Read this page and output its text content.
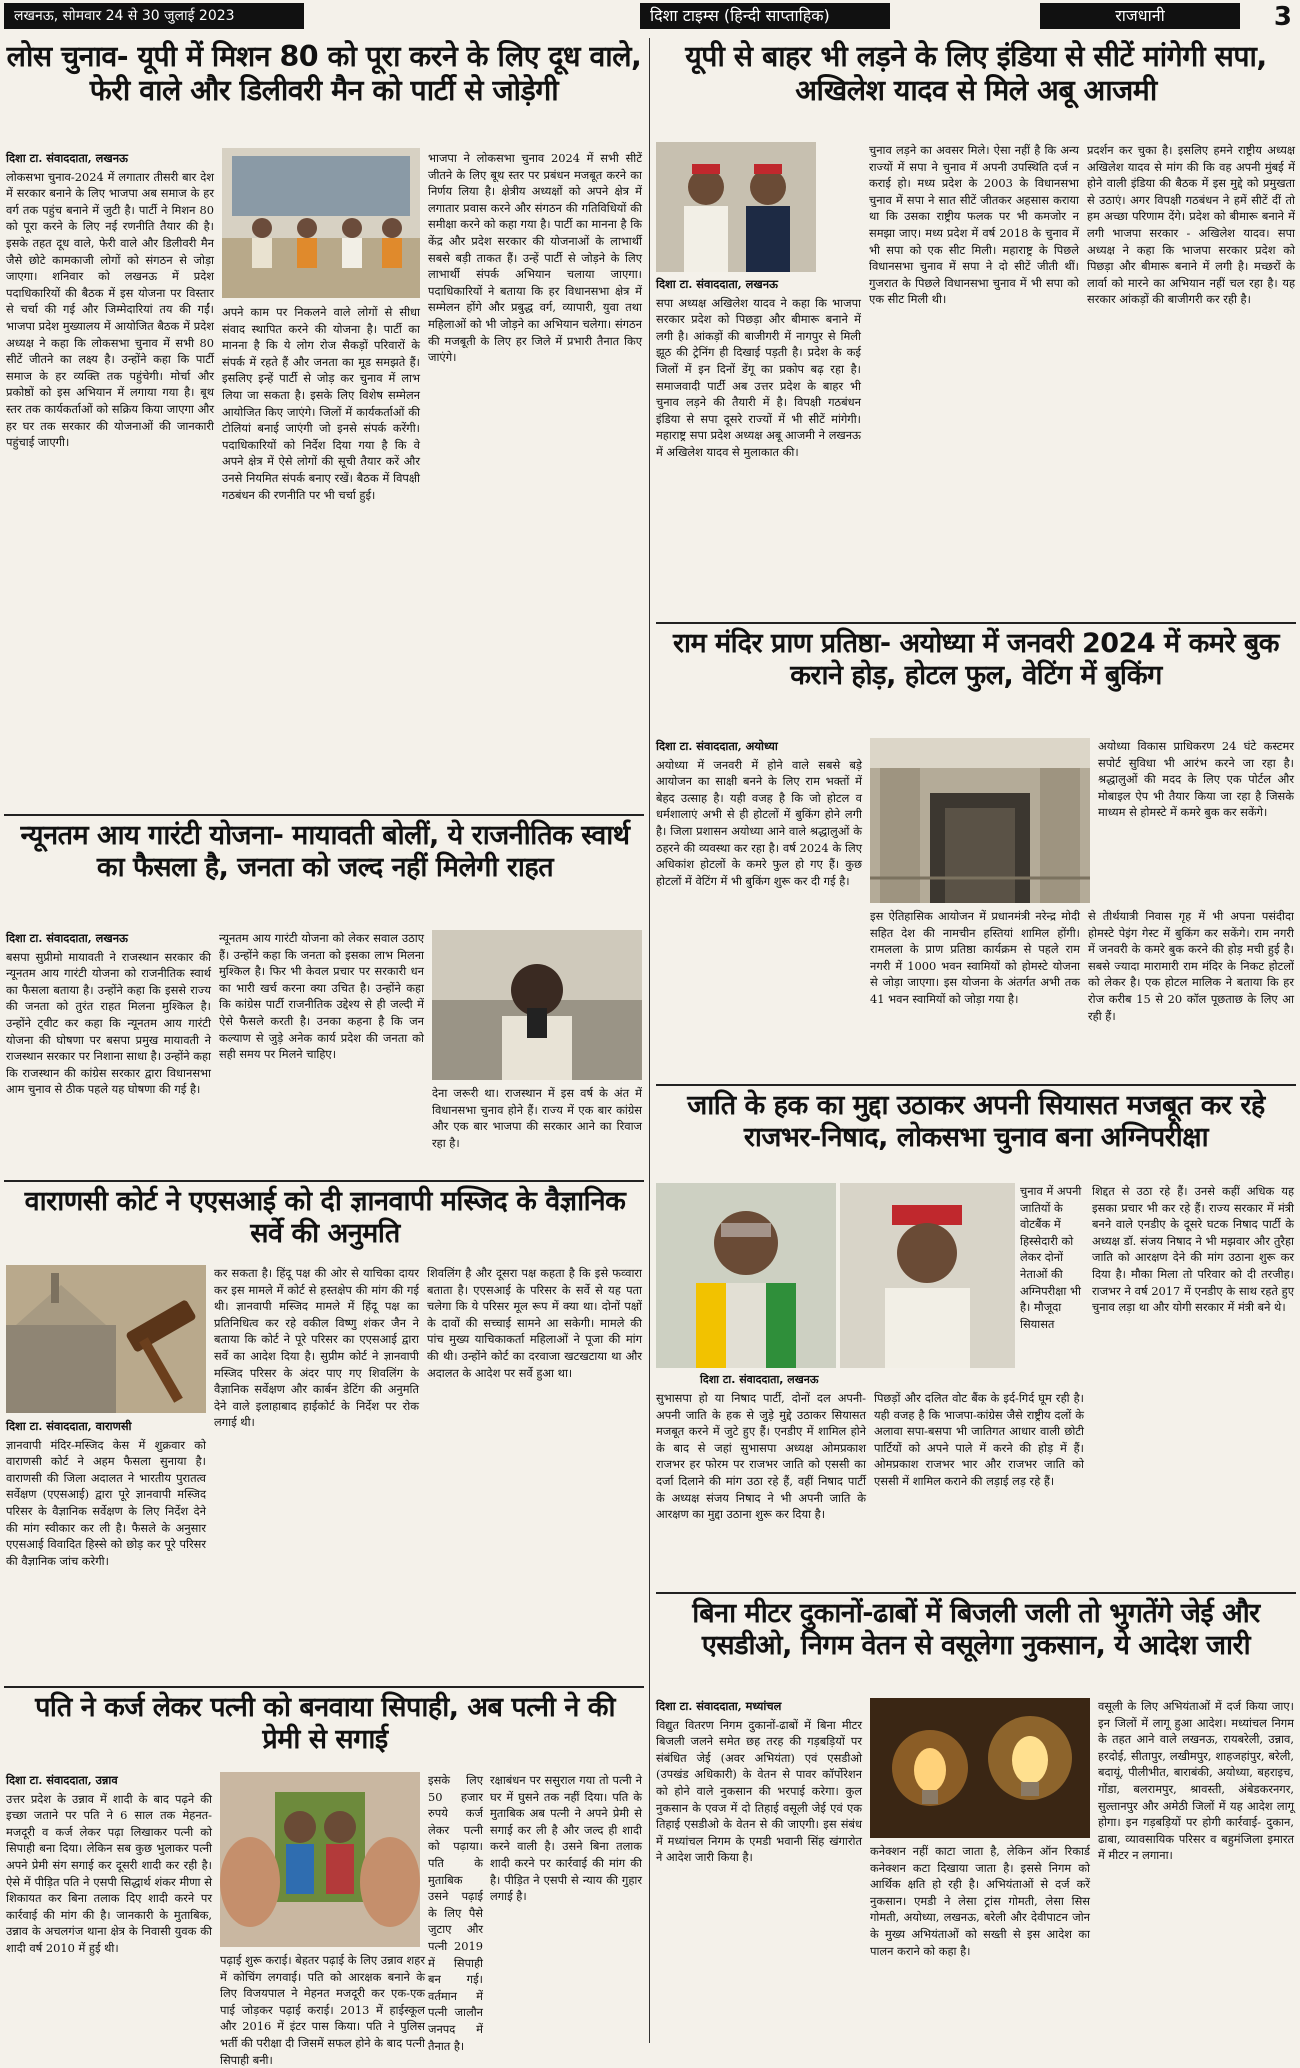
लखनऊ, सोमवार 24 से 30 जुलाई 2023	दिशा टाइम्स (हिन्दी साप्ताहिक)	राजधानी	3
लोस चुनाव- यूपी में मिशन 80 को पूरा करने के लिए दूध वाले, फेरी वाले और डिलीवरी मैन को पार्टी से जोड़ेगी

दिशा टा. संवाददाता, लखनऊ

लोकसभा चुनाव-2024 में लगातार तीसरी बार देश में सरकार बनाने के लिए भाजपा अब समाज के हर वर्ग तक पहुंच बनाने में जुटी है। पार्टी ने मिशन 80 को पूरा करने के लिए नई रणनीति तैयार की है। इसके तहत दूध वाले, फेरी वाले और डिलीवरी मैन जैसे छोटे कामकाजी लोगों को संगठन से जोड़ा जाएगा। शनिवार को लखनऊ में प्रदेश पदाधिकारियों की बैठक में इस योजना पर विस्तार से चर्चा की गई और जिम्मेदारियां तय की गईं। भाजपा प्रदेश मुख्यालय में आयोजित बैठक में प्रदेश अध्यक्ष ने कहा कि लोकसभा चुनाव में सभी 80 सीटें जीतने का लक्ष्य है। उन्होंने कहा कि पार्टी समाज के हर व्यक्ति तक पहुंचेगी। मोर्चा और प्रकोष्ठों को इस अभियान में लगाया गया है। बूथ स्तर तक कार्यकर्ताओं को सक्रिय किया जाएगा और हर घर तक सरकार की योजनाओं की जानकारी पहुंचाई जाएगी।

अपने काम पर निकलने वाले लोगों से सीधा संवाद स्थापित करने की योजना है। पार्टी का मानना है कि ये लोग रोज सैकड़ों परिवारों के संपर्क में रहते हैं और जनता का मूड समझते हैं। इसलिए इन्हें पार्टी से जोड़ कर चुनाव में लाभ लिया जा सकता है। इसके लिए विशेष सम्मेलन आयोजित किए जाएंगे। जिलों में कार्यकर्ताओं की टोलियां बनाई जाएंगी जो इनसे संपर्क करेंगी। पदाधिकारियों को निर्देश दिया गया है कि वे अपने क्षेत्र में ऐसे लोगों की सूची तैयार करें और उनसे नियमित संपर्क बनाए रखें। बैठक में विपक्षी गठबंधन की रणनीति पर भी चर्चा हुई।

भाजपा ने लोकसभा चुनाव 2024 में सभी सीटें जीतने के लिए बूथ स्तर पर प्रबंधन मजबूत करने का निर्णय लिया है। क्षेत्रीय अध्यक्षों को अपने क्षेत्र में लगातार प्रवास करने और संगठन की गतिविधियों की समीक्षा करने को कहा गया है। पार्टी का मानना है कि केंद्र और प्रदेश सरकार की योजनाओं के लाभार्थी सबसे बड़ी ताकत हैं। उन्हें पार्टी से जोड़ने के लिए लाभार्थी संपर्क अभियान चलाया जाएगा। पदाधिकारियों ने बताया कि हर विधानसभा क्षेत्र में सम्मेलन होंगे और प्रबुद्ध वर्ग, व्यापारी, युवा तथा महिलाओं को भी जोड़ने का अभियान चलेगा। संगठन की मजबूती के लिए हर जिले में प्रभारी तैनात किए जाएंगे।

न्यूनतम आय गारंटी योजना- मायावती बोलीं, ये राजनीतिक स्वार्थ का फैसला है, जनता को जल्द नहीं मिलेगी राहत

दिशा टा. संवाददाता, लखनऊ

बसपा सुप्रीमो मायावती ने राजस्थान सरकार की न्यूनतम आय गारंटी योजना को राजनीतिक स्वार्थ का फैसला बताया है। उन्होंने कहा कि इससे राज्य की जनता को तुरंत राहत मिलना मुश्किल है। उन्होंने ट्वीट कर कहा कि न्यूनतम आय गारंटी योजना की घोषणा पर बसपा प्रमुख मायावती ने राजस्थान सरकार पर निशाना साधा है। उन्होंने कहा कि राजस्थान की कांग्रेस सरकार द्वारा विधानसभा आम चुनाव से ठीक पहले यह घोषणा की गई है।

न्यूनतम आय गारंटी योजना को लेकर सवाल उठाए हैं। उन्होंने कहा कि जनता को इसका लाभ मिलना मुश्किल है। फिर भी केवल प्रचार पर सरकारी धन का भारी खर्च करना क्या उचित है। उन्होंने कहा कि कांग्रेस पार्टी राजनीतिक उद्देश्य से ही जल्दी में ऐसे फैसले करती है। उनका कहना है कि जन कल्याण से जुड़े अनेक कार्य प्रदेश की जनता को सही समय पर मिलने चाहिए।

देना जरूरी था। राजस्थान में इस वर्ष के अंत में विधानसभा चुनाव होने हैं। राज्य में एक बार कांग्रेस और एक बार भाजपा की सरकार आने का रिवाज रहा है।

वाराणसी कोर्ट ने एएसआई को दी ज्ञानवापी मस्जिद के वैज्ञानिक सर्वे की अनुमति

दिशा टा. संवाददाता, वाराणसी

ज्ञानवापी मंदिर-मस्जिद केस में शुक्रवार को वाराणसी कोर्ट ने अहम फैसला सुनाया है। वाराणसी की जिला अदालत ने भारतीय पुरातत्व सर्वेक्षण (एएसआई) द्वारा पूरे ज्ञानवापी मस्जिद परिसर के वैज्ञानिक सर्वेक्षण के लिए निर्देश देने की मांग स्वीकार कर ली है। फैसले के अनुसार एएसआई विवादित हिस्से को छोड़ कर पूरे परिसर की वैज्ञानिक जांच करेगी।

कर सकता है। हिंदू पक्ष की ओर से याचिका दायर कर इस मामले में कोर्ट से हस्तक्षेप की मांग की गई थी। ज्ञानवापी मस्जिद मामले में हिंदू पक्ष का प्रतिनिधित्व कर रहे वकील विष्णु शंकर जैन ने बताया कि कोर्ट ने पूरे परिसर का एएसआई द्वारा सर्वे का आदेश दिया है। सुप्रीम कोर्ट ने ज्ञानवापी मस्जिद परिसर के अंदर पाए गए शिवलिंग के वैज्ञानिक सर्वेक्षण और कार्बन डेटिंग की अनुमति देने वाले इलाहाबाद हाईकोर्ट के निर्देश पर रोक लगाई थी।

शिवलिंग है और दूसरा पक्ष कहता है कि इसे फव्वारा बताता है। एएसआई के परिसर के सर्वे से यह पता चलेगा कि ये परिसर मूल रूप में क्या था। दोनों पक्षों के दावों की सच्चाई सामने आ सकेगी। मामले की पांच मुख्य याचिकाकर्ता महिलाओं ने पूजा की मांग की थी। उन्होंने कोर्ट का दरवाजा खटखटाया था और अदालत के आदेश पर सर्वे हुआ था।

पति ने कर्ज लेकर पत्नी को बनवाया सिपाही, अब पत्नी ने की प्रेमी से सगाई

दिशा टा. संवाददाता, उन्नाव

उत्तर प्रदेश के उन्नाव में शादी के बाद पढ़ने की इच्छा जताने पर पति ने 6 साल तक मेहनत-मजदूरी व कर्ज लेकर पढ़ा लिखाकर पत्नी को सिपाही बना दिया। लेकिन सब कुछ भुलाकर पत्नी अपने प्रेमी संग सगाई कर दूसरी शादी कर रही है। ऐसे में पीड़ित पति ने एसपी सिद्धार्थ शंकर मीणा से शिकायत कर बिना तलाक दिए शादी करने पर कार्रवाई की मांग की है। जानकारी के मुताबिक, उन्नाव के अचलगंज थाना क्षेत्र के निवासी युवक की शादी वर्ष 2010 में हुई थी।

इसके लिए 50 हजार रुपये कर्ज लेकर पत्नी को पढ़ाया। पति के मुताबिक उसने पढ़ाई के लिए पैसे जुटाए और पत्नी 2019 में सिपाही बन गई। वर्तमान में पत्नी जालौन जनपद में तैनात है।

पढ़ाई शुरू कराई। बेहतर पढ़ाई के लिए उन्नाव शहर में कोचिंग लगवाई। पति को आरक्षक बनाने के लिए विजयपाल ने मेहनत मजदूरी कर एक-एक पाई जोड़कर पढ़ाई कराई। 2013 में हाईस्कूल और 2016 में इंटर पास किया। पति ने पुलिस भर्ती की परीक्षा दी जिसमें सफल होने के बाद पत्नी सिपाही बनी।

रक्षाबंधन पर ससुराल गया तो पत्नी ने घर में घुसने तक नहीं दिया। पति के मुताबिक अब पत्नी ने अपने प्रेमी से सगाई कर ली है और जल्द ही शादी करने वाली है। उसने बिना तलाक शादी करने पर कार्रवाई की मांग की है। पीड़ित ने एसपी से न्याय की गुहार लगाई है।

यूपी से बाहर भी लड़ने के लिए इंडिया से सीटें मांगेगी सपा, अखिलेश यादव से मिले अबू आजमी

दिशा टा. संवाददाता, लखनऊ

सपा अध्यक्ष अखिलेश यादव ने कहा कि भाजपा सरकार प्रदेश को पिछड़ा और बीमारू बनाने में लगी है। आंकड़ों की बाजीगरी में नागपुर से मिली झूठ की ट्रेनिंग ही दिखाई पड़ती है। प्रदेश के कई जिलों में इन दिनों डेंगू का प्रकोप बढ़ रहा है। समाजवादी पार्टी अब उत्तर प्रदेश के बाहर भी चुनाव लड़ने की तैयारी में है। विपक्षी गठबंधन इंडिया से सपा दूसरे राज्यों में भी सीटें मांगेगी। महाराष्ट्र सपा प्रदेश अध्यक्ष अबू आजमी ने लखनऊ में अखिलेश यादव से मुलाकात की।

चुनाव लड़ने का अवसर मिले। ऐसा नहीं है कि अन्य राज्यों में सपा ने चुनाव में अपनी उपस्थिति दर्ज न कराई हो। मध्य प्रदेश के 2003 के विधानसभा चुनाव में सपा ने सात सीटें जीतकर अहसास कराया था कि उसका राष्ट्रीय फलक पर भी कमजोर न समझा जाए। मध्य प्रदेश में वर्ष 2018 के चुनाव में भी सपा को एक सीट मिली। महाराष्ट्र के पिछले विधानसभा चुनाव में सपा ने दो सीटें जीती थीं। गुजरात के पिछले विधानसभा चुनाव में भी सपा को एक सीट मिली थी।

प्रदर्शन कर चुका है। इसलिए हमने राष्ट्रीय अध्यक्ष अखिलेश यादव से मांग की कि वह अपनी मुंबई में होने वाली इंडिया की बैठक में इस मुद्दे को प्रमुखता से उठाएं। अगर विपक्षी गठबंधन ने हमें सीटें दीं तो हम अच्छा परिणाम देंगे। प्रदेश को बीमारू बनाने में लगी भाजपा सरकार - अखिलेश यादव। सपा अध्यक्ष ने कहा कि भाजपा सरकार प्रदेश को पिछड़ा और बीमारू बनाने में लगी है। मच्छरों के लार्वा को मारने का अभियान नहीं चल रहा है। यह सरकार आंकड़ों की बाजीगरी कर रही है।

राम मंदिर प्राण प्रतिष्ठा- अयोध्या में जनवरी 2024 में कमरे बुक कराने होड़, होटल फुल, वेटिंग में बुकिंग

दिशा टा. संवाददाता, अयोध्या

अयोध्या में जनवरी में होने वाले सबसे बड़े आयोजन का साक्षी बनने के लिए राम भक्तों में बेहद उत्साह है। यही वजह है कि जो होटल व धर्मशालाएं अभी से ही होटलों में बुकिंग होने लगी है। जिला प्रशासन अयोध्या आने वाले श्रद्धालुओं के ठहरने की व्यवस्था कर रहा है। वर्ष 2024 के लिए अधिकांश होटलों के कमरे फुल हो गए हैं। कुछ होटलों में वेटिंग में भी बुकिंग शुरू कर दी गई है।

अयोध्या विकास प्राधिकरण 24 घंटे कस्टमर सपोर्ट सुविधा भी आरंभ करने जा रहा है। श्रद्धालुओं की मदद के लिए एक पोर्टल और मोबाइल ऐप भी तैयार किया जा रहा है जिसके माध्यम से होमस्टे में कमरे बुक कर सकेंगे।

इस ऐतिहासिक आयोजन में प्रधानमंत्री नरेन्द्र मोदी सहित देश की नामचीन हस्तियां शामिल होंगी। रामलला के प्राण प्रतिष्ठा कार्यक्रम से पहले राम नगरी में 1000 भवन स्वामियों को होमस्टे योजना से जोड़ा जाएगा। इस योजना के अंतर्गत अभी तक 41 भवन स्वामियों को जोड़ा गया है।

से तीर्थयात्री निवास गृह में भी अपना पसंदीदा होमस्टे पेइंग गेस्ट में बुकिंग कर सकेंगे। राम नगरी में जनवरी के कमरे बुक करने की होड़ मची हुई है। सबसे ज्यादा मारामारी राम मंदिर के निकट होटलों को लेकर है। एक होटल मालिक ने बताया कि हर रोज करीब 15 से 20 कॉल पूछताछ के लिए आ रही हैं।

जाति के हक का मुद्दा उठाकर अपनी सियासत मजबूत कर रहे राजभर-निषाद, लोकसभा चुनाव बना अग्निपरीक्षा
दिशा टा. संवाददाता, लखनऊ

चुनाव में अपनी जातियों के वोटबैंक में हिस्सेदारी को लेकर दोनों नेताओं की अग्निपरीक्षा भी है। मौजूदा सियासत

सुभासपा हो या निषाद पार्टी, दोनों दल अपनी-अपनी जाति के हक से जुड़े मुद्दे उठाकर सियासत मजबूत करने में जुटे हुए हैं। एनडीए में शामिल होने के बाद से जहां सुभासपा अध्यक्ष ओमप्रकाश राजभर हर फोरम पर राजभर जाति को एससी का दर्जा दिलाने की मांग उठा रहे हैं, वहीं निषाद पार्टी के अध्यक्ष संजय निषाद ने भी अपनी जाति के आरक्षण का मुद्दा उठाना शुरू कर दिया है।

पिछड़ों और दलित वोट बैंक के इर्द-गिर्द घूम रही है। यही वजह है कि भाजपा-कांग्रेस जैसे राष्ट्रीय दलों के अलावा सपा-बसपा भी जातिगत आधार वाली छोटी पार्टियों को अपने पाले में करने की होड़ में हैं। ओमप्रकाश राजभर भार और राजभर जाति को एससी में शामिल कराने की लड़ाई लड़ रहे हैं।

शिद्दत से उठा रहे हैं। उनसे कहीं अधिक यह इसका प्रचार भी कर रहे हैं। राज्य सरकार में मंत्री बनने वाले एनडीए के दूसरे घटक निषाद पार्टी के अध्यक्ष डॉ. संजय निषाद ने भी मझवार और तुरैहा जाति को आरक्षण देने की मांग उठाना शुरू कर दिया है। मौका मिला तो परिवार को दी तरजीह। राजभर ने वर्ष 2017 में एनडीए के साथ रहते हुए चुनाव लड़ा था और योगी सरकार में मंत्री बने थे।

बिना मीटर दुकानों-ढाबों में बिजली जली तो भुगतेंगे जेई और एसडीओ, निगम वेतन से वसूलेगा नुकसान, ये आदेश जारी

दिशा टा. संवाददाता, मध्यांचल

विद्युत वितरण निगम दुकानों-ढाबों में बिना मीटर बिजली जलने समेत छह तरह की गड़बड़ियों पर संबंधित जेई (अवर अभियंता) एवं एसडीओ (उपखंड अधिकारी) के वेतन से पावर कॉर्पोरेशन को होने वाले नुकसान की भरपाई करेगा। कुल नुकसान के एवज में दो तिहाई वसूली जेई एवं एक तिहाई एसडीओ के वेतन से की जाएगी। इस संबंध में मध्यांचल निगम के एमडी भवानी सिंह खंगारोत ने आदेश जारी किया है।	कनेक्शन नहीं काटा जाता है, लेकिन ऑन रिकार्ड कनेक्शन कटा दिखाया जाता है। इससे निगम को आर्थिक क्षति हो रही है। अभियंताओं से दर्ज करें नुकसान। एमडी ने लेसा ट्रांस गोमती, लेसा सिस गोमती, अयोध्या, लखनऊ, बरेली और देवीपाटन जोन के मुख्य अभियंताओं को सख्ती से इस आदेश का पालन कराने को कहा है।

वसूली के लिए अभियंताओं में दर्ज किया जाए। इन जिलों में लागू हुआ आदेश। मध्यांचल निगम के तहत आने वाले लखनऊ, रायबरेली, उन्नाव, हरदोई, सीतापुर, लखीमपुर, शाहजहांपुर, बरेली, बदायूं, पीलीभीत, बाराबंकी, अयोध्या, बहराइच, गोंडा, बलरामपुर, श्रावस्ती, अंबेडकरनगर, सुल्तानपुर और अमेठी जिलों में यह आदेश लागू होगा। इन गड़बड़ियों पर होगी कार्रवाई- दुकान, ढाबा, व्यावसायिक परिसर व बहुमंजिला इमारत में मीटर न लगाना।
